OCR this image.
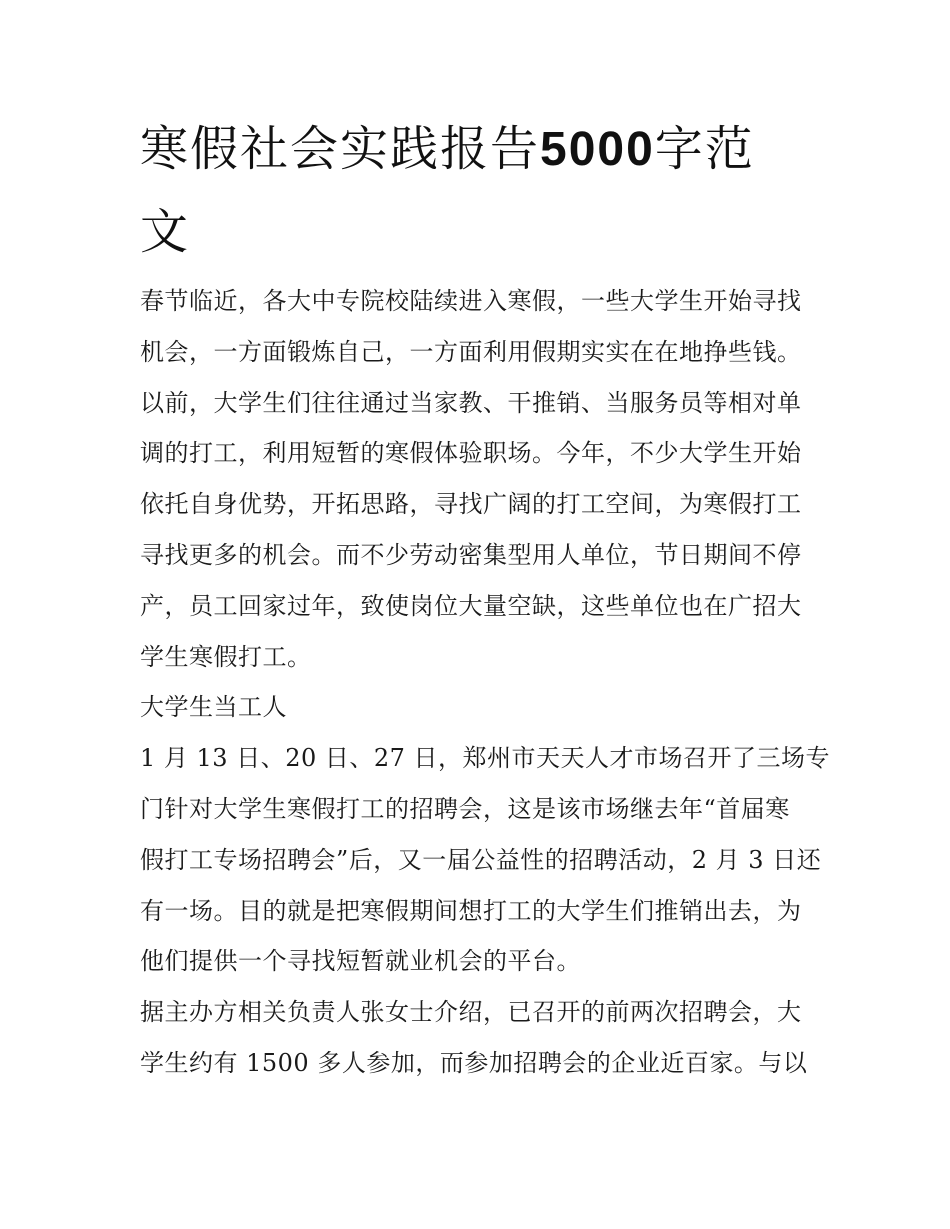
寒假社会实践报告5000字范
文
春节临近，各大中专院校陆续进入寒假，一些大学生开始寻找
机会，一方面锻炼自己，一方面利用假期实实在在地挣些钱。
以前，大学生们往往通过当家教、干推销、当服务员等相对单
调的打工，利用短暂的寒假体验职场。今年，不少大学生开始
依托自身优势，开拓思路，寻找广阔的打工空间，为寒假打工
寻找更多的机会。而不少劳动密集型用人单位，节日期间不停
产，员工回家过年，致使岗位大量空缺，这些单位也在广招大
学生寒假打工。
大学生当工人
1 月 13 日、20 日、27 日，郑州市天天人才市场召开了三场专
门针对大学生寒假打工的招聘会，这是该市场继去年“首届寒
假打工专场招聘会”后，又一届公益性的招聘活动，2 月 3 日还
有一场。目的就是把寒假期间想打工的大学生们推销出去，为
他们提供一个寻找短暂就业机会的平台。
据主办方相关负责人张女士介绍，已召开的前两次招聘会，大
学生约有 1500 多人参加，而参加招聘会的企业近百家。与以
